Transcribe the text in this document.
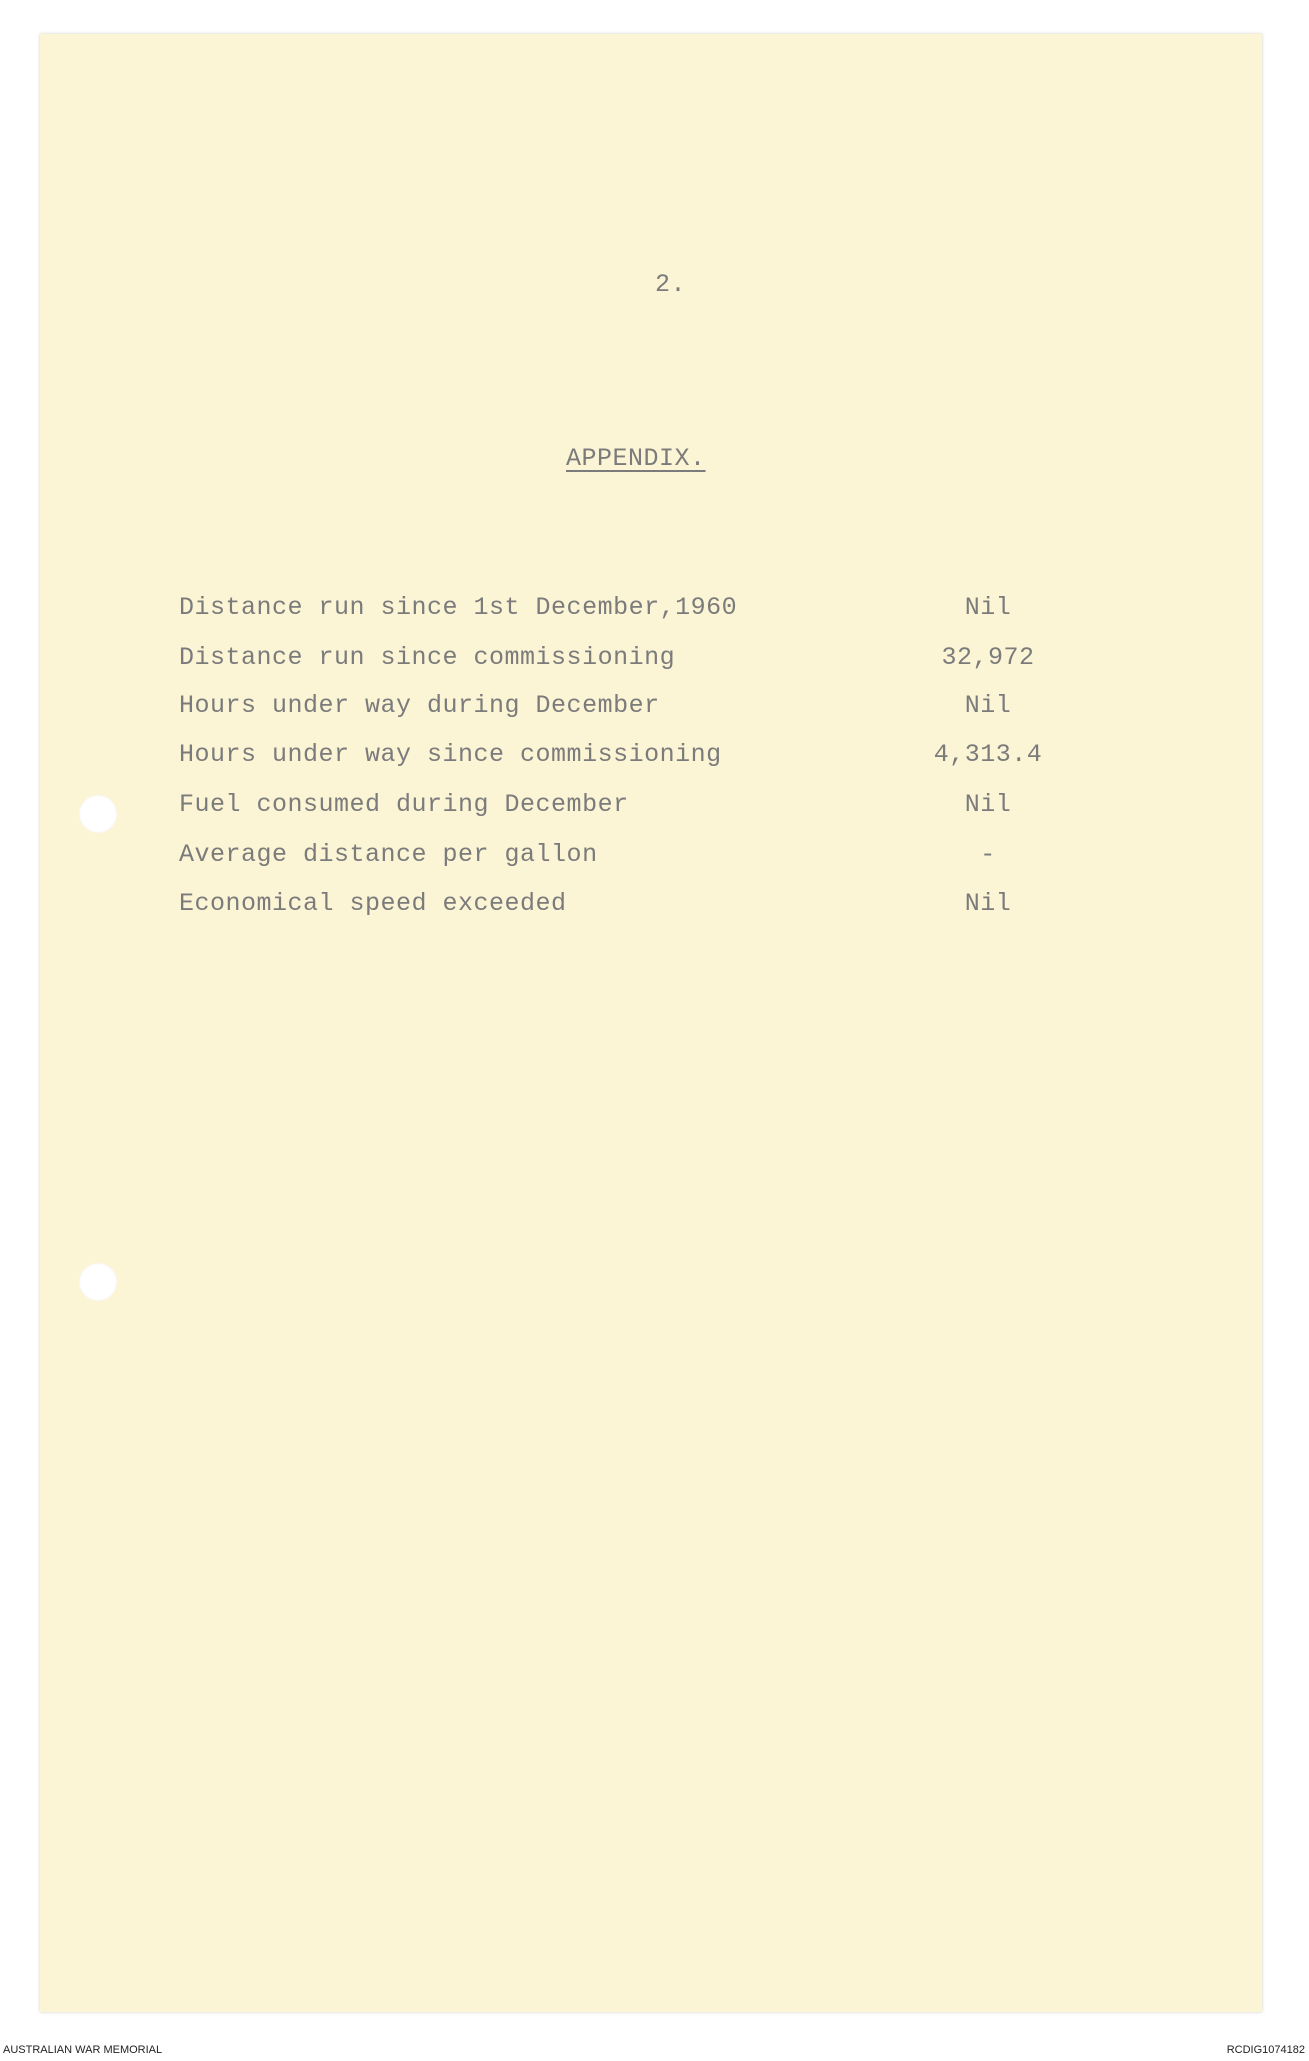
2.
APPENDIX.
Distance run since 1st December,1960	Nil
Distance run since commissioning	32,972
Hours under way during December	Nil
Hours under way since commissioning	4,313.4
Fuel consumed during December	Nil
Average distance per gallon	-
Economical speed exceeded	Nil
AUSTRALIAN WAR MEMORIAL	RCDIG1074182
